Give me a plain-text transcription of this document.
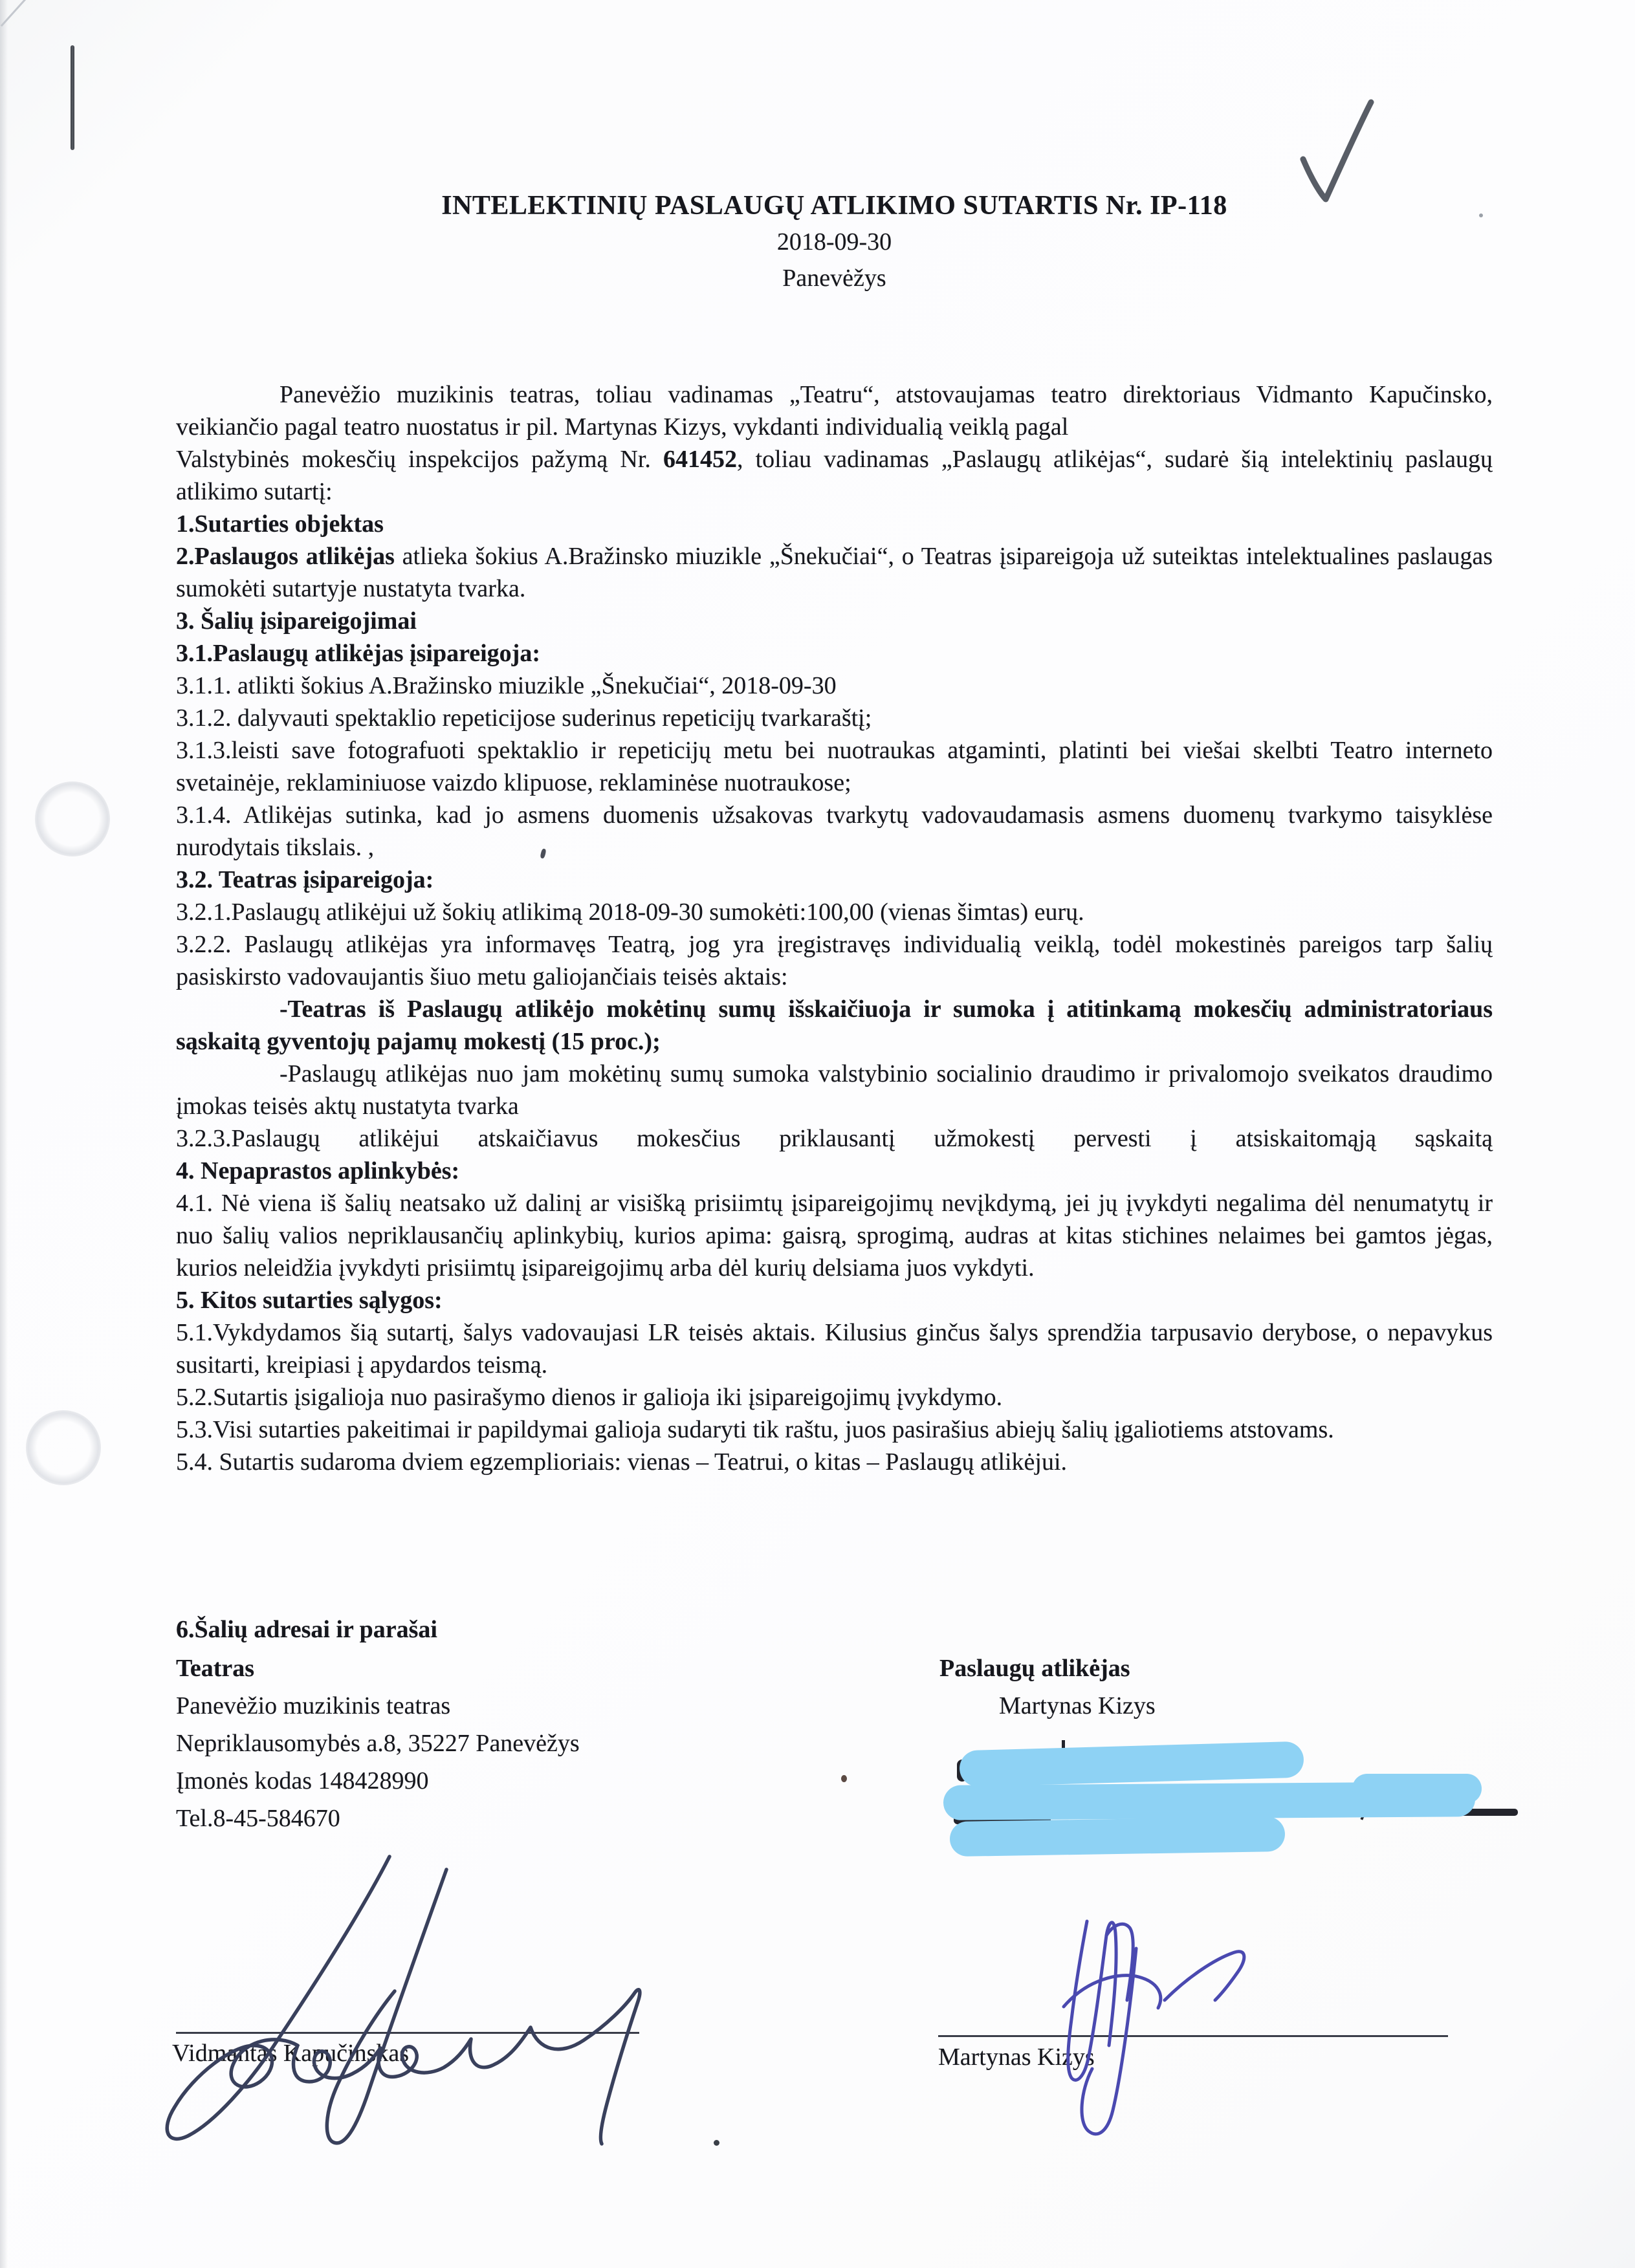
INTELEKTINIŲ PASLAUGŲ ATLIKIMO SUTARTIS Nr. IP-118
2018-09-30
Panevėžys

Panevėžio muzikinis teatras, toliau vadinamas „Teatru“, atstovaujamas teatro direktoriaus Vidmanto Kapučinsko, veikiančio pagal teatro nuostatus ir pil. Martynas Kizys, vykdanti individualią veiklą pagal

Valstybinės mokesčių inspekcijos pažymą Nr. 641452, toliau vadinamas „Paslaugų atlikėjas“, sudarė šią intelektinių paslaugų atlikimo sutartį:

1.Sutarties objektas

2.Paslaugos atlikėjas atlieka šokius A.Bražinsko miuzikle „Šnekučiai“, o Teatras įsipareigoja už suteiktas intelektualines paslaugas sumokėti sutartyje nustatyta tvarka.

3. Šalių įsipareigojimai

3.1.Paslaugų atlikėjas įsipareigoja:

3.1.1. atlikti šokius A.Bražinsko miuzikle „Šnekučiai“, 2018-09-30

3.1.2. dalyvauti spektaklio repeticijose suderinus repeticijų tvarkaraštį;

3.1.3.leisti save fotografuoti spektaklio ir repeticijų metu bei nuotraukas atgaminti, platinti bei viešai skelbti Teatro interneto svetainėje, reklaminiuose vaizdo klipuose, reklaminėse nuotraukose;

3.1.4. Atlikėjas sutinka, kad jo asmens duomenis užsakovas tvarkytų vadovaudamasis asmens duomenų tvarkymo taisyklėse nurodytais tikslais. ,

3.2. Teatras įsipareigoja:

3.2.1.Paslaugų atlikėjui už šokių atlikimą 2018-09-30 sumokėti:100,00 (vienas šimtas) eurų.

3.2.2. Paslaugų atlikėjas yra informavęs Teatrą, jog yra įregistravęs individualią veiklą, todėl mokestinės pareigos tarp šalių pasiskirsto vadovaujantis šiuo metu galiojančiais teisės aktais:

-Teatras iš Paslaugų atlikėjo mokėtinų sumų išskaičiuoja ir sumoka į atitinkamą mokesčių administratoriaus sąskaitą gyventojų pajamų mokestį (15 proc.);

-Paslaugų atlikėjas nuo jam mokėtinų sumų sumoka valstybinio socialinio draudimo ir privalomojo sveikatos draudimo įmokas teisės aktų nustatyta tvarka

3.2.3.Paslaugų atlikėjui atskaičiavus mokesčius priklausantį užmokestį pervesti į atsiskaitomąją sąskaitą

4. Nepaprastos aplinkybės:

4.1. Nė viena iš šalių neatsako už dalinį ar visišką prisiimtų įsipareigojimų nevįkdymą, jei jų įvykdyti negalima dėl nenumatytų ir nuo šalių valios nepriklausančių aplinkybių, kurios apima: gaisrą, sprogimą, audras at kitas stichines nelaimes bei gamtos jėgas, kurios neleidžia įvykdyti prisiimtų įsipareigojimų arba dėl kurių delsiama juos vykdyti.

5. Kitos sutarties sąlygos:

5.1.Vykdydamos šią sutartį, šalys vadovaujasi LR teisės aktais. Kilusius ginčus šalys sprendžia tarpusavio derybose, o nepavykus susitarti, kreipiasi į apydardos teismą.

5.2.Sutartis įsigalioja nuo pasirašymo dienos ir galioja iki įsipareigojimų įvykdymo.

5.3.Visi sutarties pakeitimai ir papildymai galioja sudaryti tik raštu, juos pasirašius abiejų šalių įgaliotiems atstovams.

5.4. Sutartis sudaroma dviem egzemplioriais: vienas – Teatrui, o kitas – Paslaugų atlikėjui.

6.Šalių adresai ir parašai
Teatras
Panevėžio muzikinis teatras
Nepriklausomybės a.8, 35227 Panevėžys
Įmonės kodas 148428990
Tel.8-45-584670
Paslaugų atlikėjas
Martynas Kizys
Vidmantas Kapučinskas	Martynas Kizys
